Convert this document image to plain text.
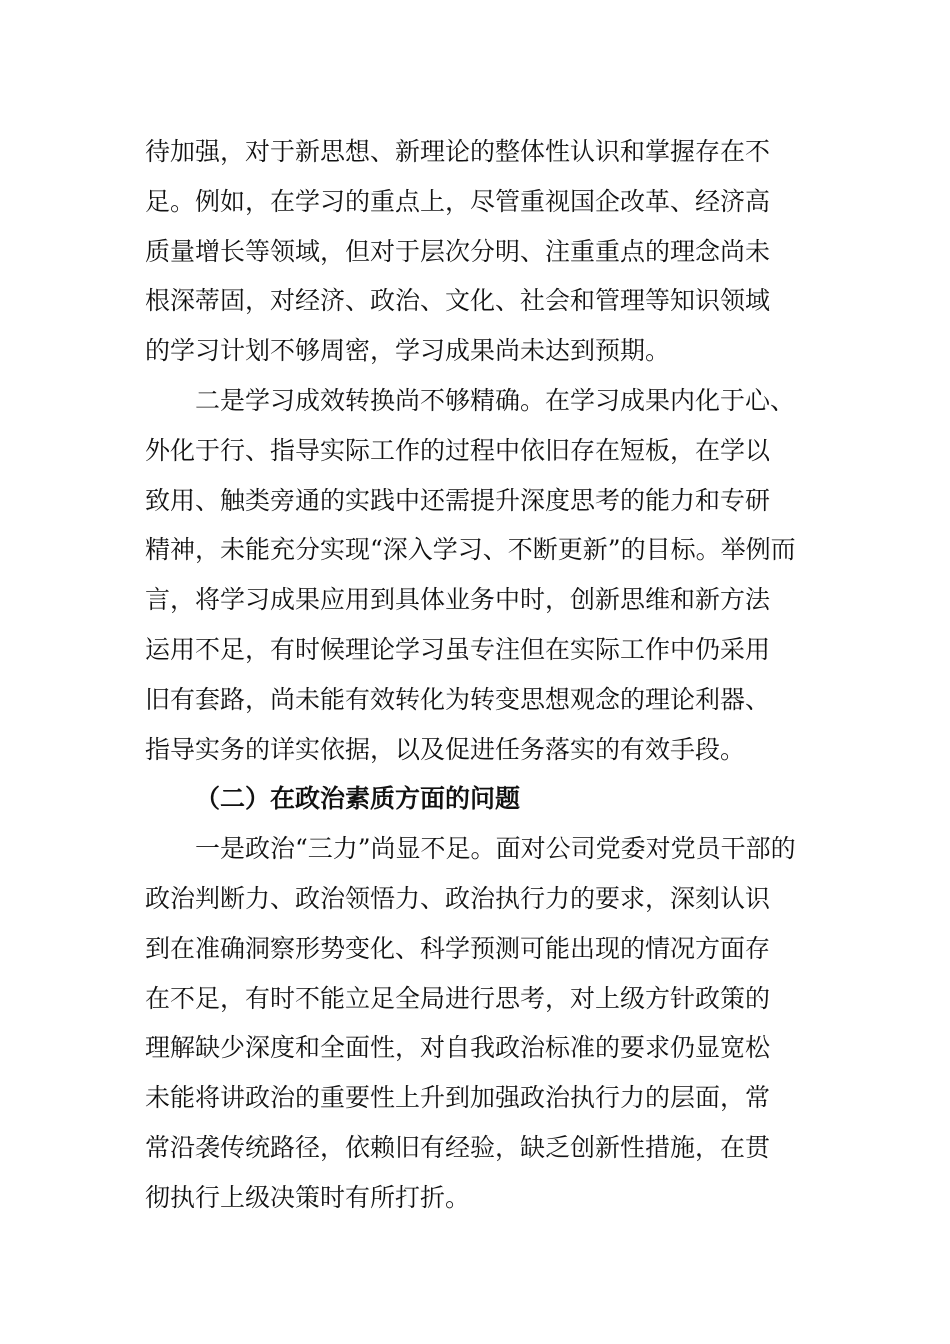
待加强，对于新思想、新理论的整体性认识和掌握存在不
足。例如，在学习的重点上，尽管重视国企改革、经济高
质量增长等领域，但对于层次分明、注重重点的理念尚未
根深蒂固，对经济、政治、文化、社会和管理等知识领域
的学习计划不够周密，学习成果尚未达到预期。
二是学习成效转换尚不够精确。在学习成果内化于心、
外化于行、指导实际工作的过程中依旧存在短板，在学以
致用、触类旁通的实践中还需提升深度思考的能力和专研
精神，未能充分实现“深入学习、不断更新”的目标。举例而
言，将学习成果应用到具体业务中时，创新思维和新方法
运用不足，有时候理论学习虽专注但在实际工作中仍采用
旧有套路，尚未能有效转化为转变思想观念的理论利器、
指导实务的详实依据，以及促进任务落实的有效手段。
（二）在政治素质方面的问题
一是政治“三力”尚显不足。面对公司党委对党员干部的
政治判断力、政治领悟力、政治执行力的要求，深刻认识
到在准确洞察形势变化、科学预测可能出现的情况方面存
在不足，有时不能立足全局进行思考，对上级方针政策的
理解缺少深度和全面性，对自我政治标准的要求仍显宽松
未能将讲政治的重要性上升到加强政治执行力的层面，常
常沿袭传统路径，依赖旧有经验，缺乏创新性措施，在贯
彻执行上级决策时有所打折。
